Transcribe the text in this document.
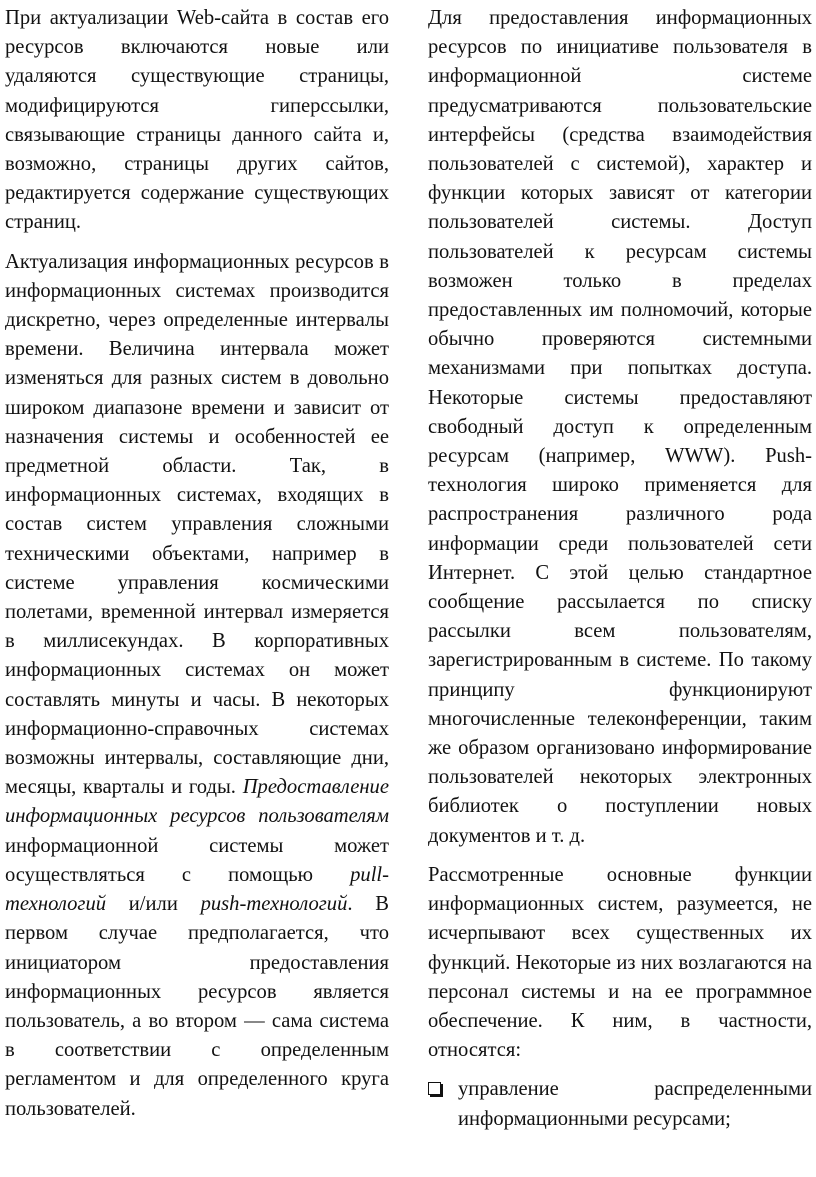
При актуализации Web-сайта в состав его ресурсов включаются новые или удаляются существующие страницы, модифицируются гиперссылки, связывающие страницы данного сайта и, возможно, страницы других сайтов, редактируется содержание существующих страниц.

Актуализация информационных ресурсов в информационных системах производится дискретно, через определенные интервалы времени. Величина интервала может изменяться для разных систем в довольно широком диапазоне времени и зависит от назначения системы и особенностей ее предметной области. Так, в информационных системах, входящих в состав систем управления сложными техническими объектами, например в системе управления космическими полетами, временной интервал измеряется в миллисекундах. В корпоративных информационных системах он может составлять минуты и часы. В некоторых информационно-справочных системах возможны интервалы, составляющие дни, месяцы, кварталы и годы. Предоставление информационных ресурсов пользователям информационной системы может осуществляться с помощью pull-технологий и/или push-технологий. В первом случае предполагается, что инициатором предоставления информационных ресурсов является пользователь, а во втором — сама система в соответствии с определенным регламентом и для определенного круга пользователей.

Для предоставления информационных ресурсов по инициативе пользователя в информационной системе предусматриваются пользовательские интерфейсы (средства взаимодействия пользователей с системой), характер и функции которых зависят от категории пользователей системы. Доступ пользователей к ресурсам системы возможен только в пределах предоставленных им полномочий, которые обычно проверяются системными механизмами при попытках доступа. Некоторые системы предоставляют свободный доступ к определенным ресурсам (например, WWW). Push-технология широко применяется для распространения различного рода информации среди пользователей сети Интернет. С этой целью стандартное сообщение рассылается по списку рассылки всем пользователям, зарегистрированным в системе. По такому принципу функционируют многочисленные телеконференции, таким же образом организовано информирование пользователей некоторых электронных библиотек о поступлении новых документов и т. д.

Рассмотренные основные функции информационных систем, разумеется, не исчерпывают всех существенных их функций. Некоторые из них возлагаются на персонал системы и на ее программное обеспечение. К ним, в частности, относятся:

управление распределенными информационными ресурсами;
